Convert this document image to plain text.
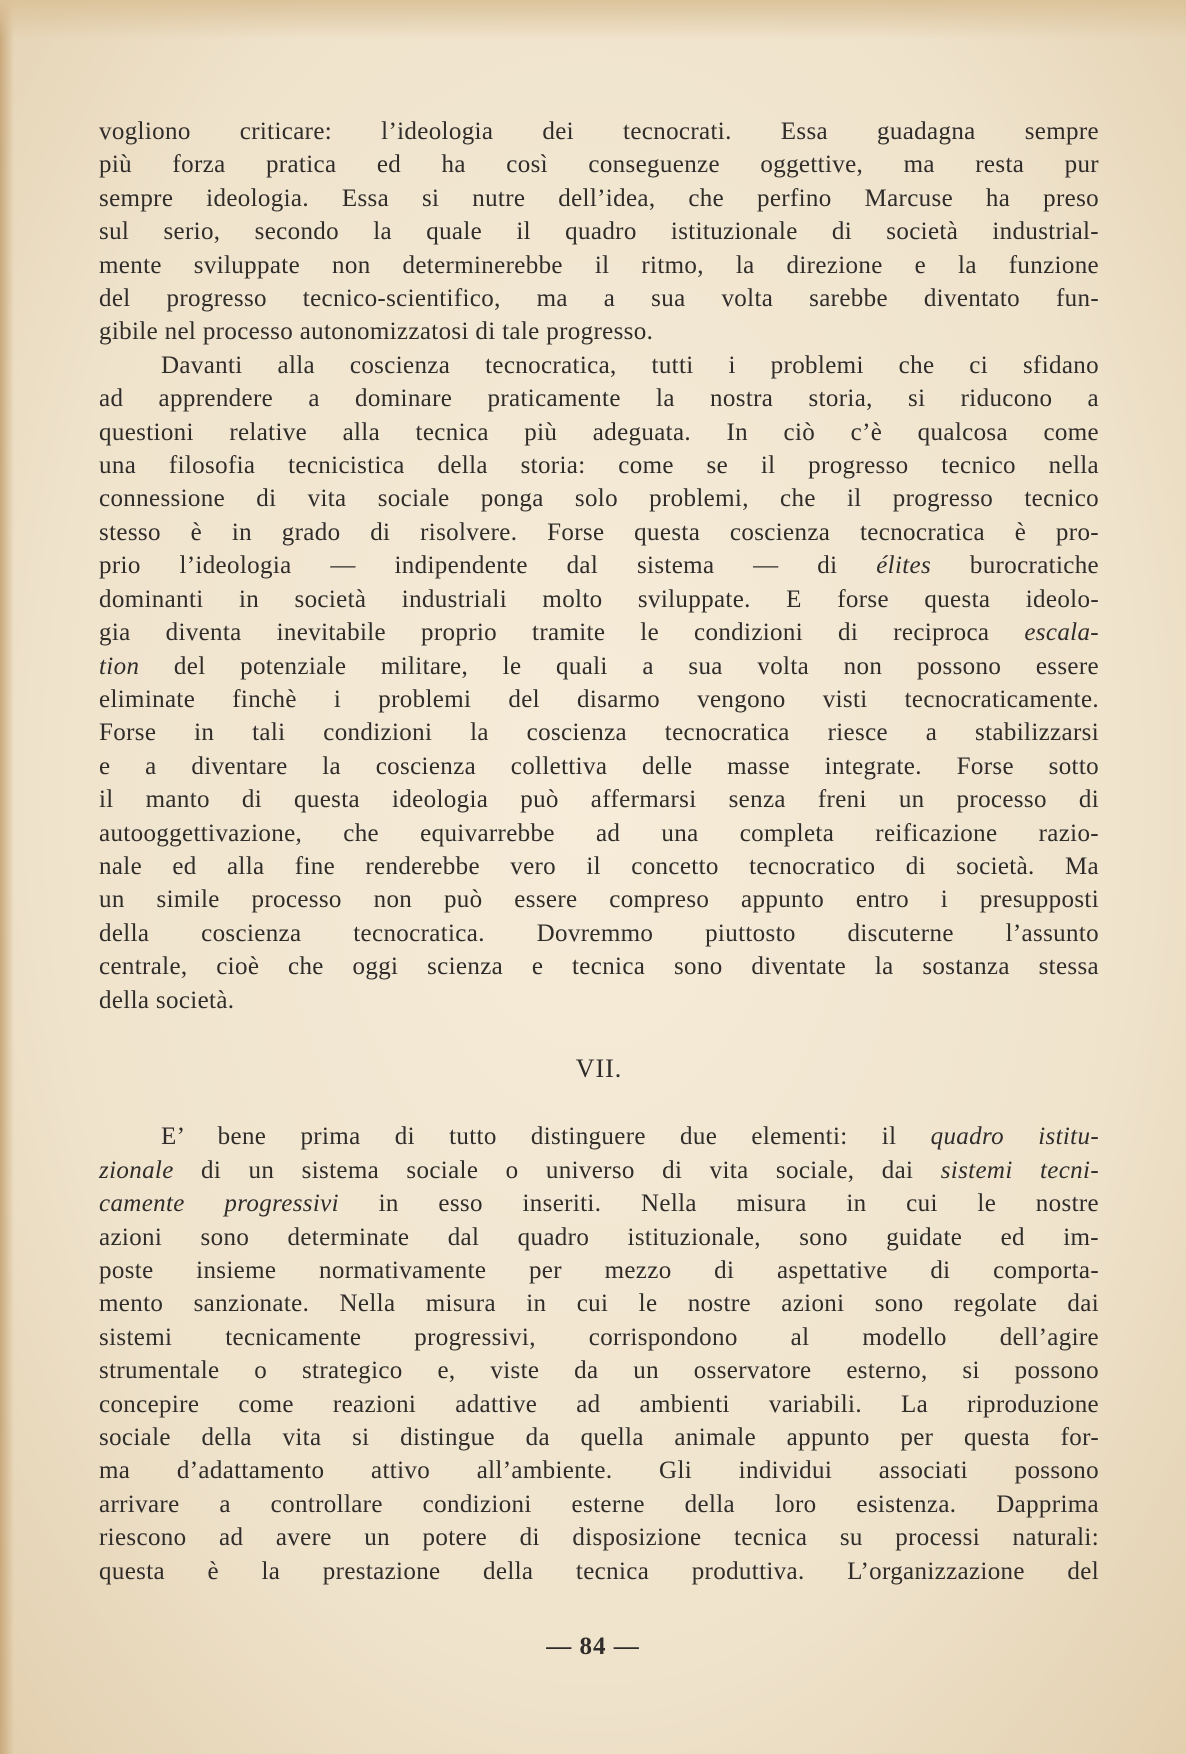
vogliono criticare: l’ideologia dei tecnocrati. Essa guadagna sempre
più forza pratica ed ha così conseguenze oggettive, ma resta pur
sempre ideologia. Essa si nutre dell’idea, che perfino Marcuse ha preso
sul serio, secondo la quale il quadro istituzionale di società industrial-
mente sviluppate non determinerebbe il ritmo, la direzione e la funzione
del progresso tecnico-scientifico, ma a sua volta sarebbe diventato fun-
gibile nel processo autonomizzatosi di tale progresso.
Davanti alla coscienza tecnocratica, tutti i problemi che ci sfidano
ad apprendere a dominare praticamente la nostra storia, si riducono a
questioni relative alla tecnica più adeguata. In ciò c’è qualcosa come
una filosofia tecnicistica della storia: come se il progresso tecnico nella
connessione di vita sociale ponga solo problemi, che il progresso tecnico
stesso è in grado di risolvere. Forse questa coscienza tecnocratica è pro-
prio l’ideologia — indipendente dal sistema — di élites burocratiche
dominanti in società industriali molto sviluppate. E forse questa ideolo-
gia diventa inevitabile proprio tramite le condizioni di reciproca escala-
tion del potenziale militare, le quali a sua volta non possono essere
eliminate finchè i problemi del disarmo vengono visti tecnocraticamente.
Forse in tali condizioni la coscienza tecnocratica riesce a stabilizzarsi
e a diventare la coscienza collettiva delle masse integrate. Forse sotto
il manto di questa ideologia può affermarsi senza freni un processo di
autooggettivazione, che equivarrebbe ad una completa reificazione razio-
nale ed alla fine renderebbe vero il concetto tecnocratico di società. Ma
un simile processo non può essere compreso appunto entro i presupposti
della coscienza tecnocratica. Dovremmo piuttosto discuterne l’assunto
centrale, cioè che oggi scienza e tecnica sono diventate la sostanza stessa
della società.
VII.
E’ bene prima di tutto distinguere due elementi: il quadro istitu-
zionale di un sistema sociale o universo di vita sociale, dai sistemi tecni-
camente progressivi in esso inseriti. Nella misura in cui le nostre
azioni sono determinate dal quadro istituzionale, sono guidate ed im-
poste insieme normativamente per mezzo di aspettative di comporta-
mento sanzionate. Nella misura in cui le nostre azioni sono regolate dai
sistemi tecnicamente progressivi, corrispondono al modello dell’agire
strumentale o strategico e, viste da un osservatore esterno, si possono
concepire come reazioni adattive ad ambienti variabili. La riproduzione
sociale della vita si distingue da quella animale appunto per questa for-
ma d’adattamento attivo all’ambiente. Gli individui associati possono
arrivare a controllare condizioni esterne della loro esistenza. Dapprima
riescono ad avere un potere di disposizione tecnica su processi naturali:
questa è la prestazione della tecnica produttiva. L’organizzazione del
— 84 —
